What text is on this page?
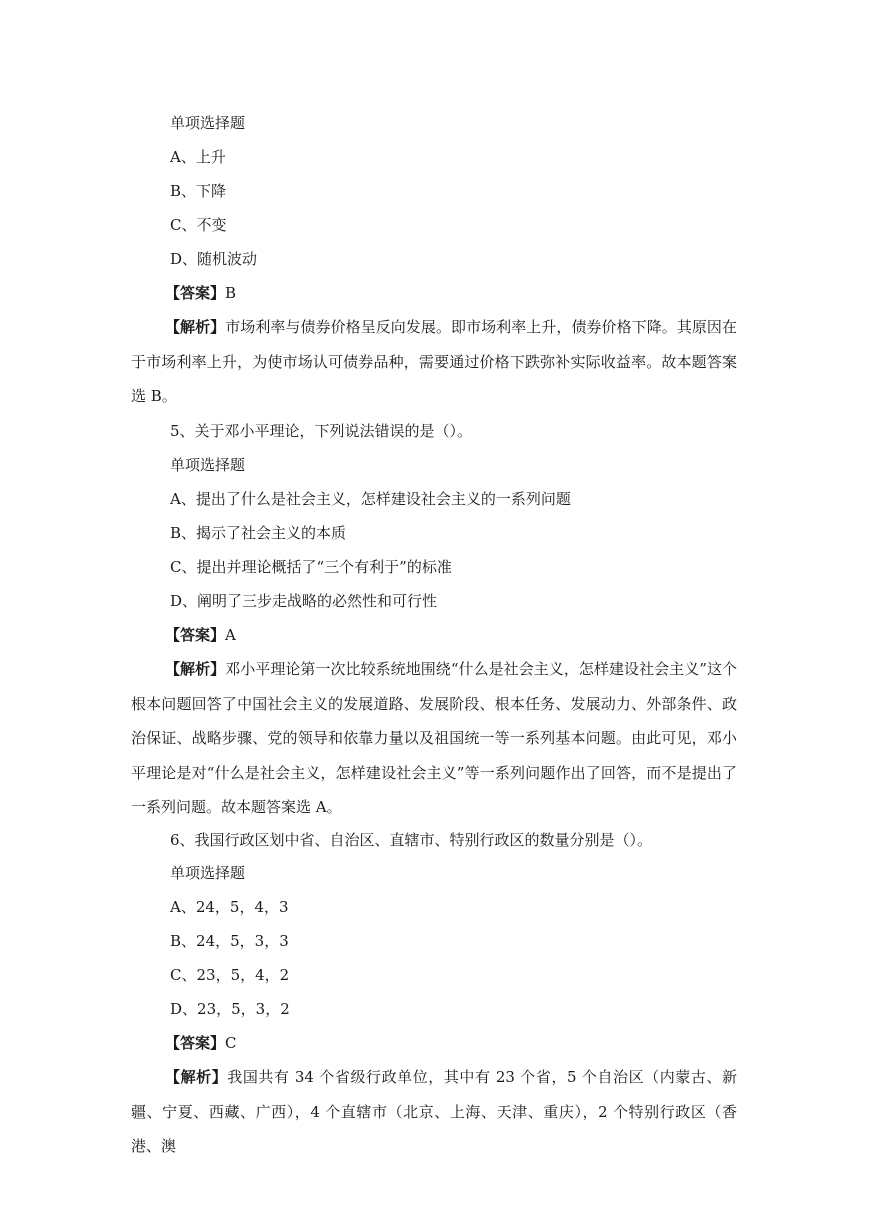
单项选择题
A、上升
B、下降
C、不变
D、随机波动
【答案】B
【解析】市场利率与债券价格呈反向发展。即市场利率上升，债券价格下降。其原因在于市场利率上升，为使市场认可债券品种，需要通过价格下跌弥补实际收益率。故本题答案选 B。
5、关于邓小平理论，下列说法错误的是（）。
单项选择题
A、提出了什么是社会主义，怎样建设社会主义的一系列问题
B、揭示了社会主义的本质
C、提出并理论概括了“三个有利于”的标准
D、阐明了三步走战略的必然性和可行性
【答案】A
【解析】邓小平理论第一次比较系统地围绕“什么是社会主义，怎样建设社会主义”这个根本问题回答了中国社会主义的发展道路、发展阶段、根本任务、发展动力、外部条件、政治保证、战略步骤、党的领导和依靠力量以及祖国统一等一系列基本问题。由此可见，邓小平理论是对“什么是社会主义，怎样建设社会主义”等一系列问题作出了回答，而不是提出了一系列问题。故本题答案选 A。
6、我国行政区划中省、自治区、直辖市、特别行政区的数量分别是（）。
单项选择题
A、24，5，4，3
B、24，5，3，3
C、23，5，4，2
D、23，5，3，2
【答案】C
【解析】我国共有 34 个省级行政单位，其中有 23 个省，5 个自治区（内蒙古、新疆、宁夏、西藏、广西），4 个直辖市（北京、上海、天津、重庆），2 个特别行政区（香港、澳
